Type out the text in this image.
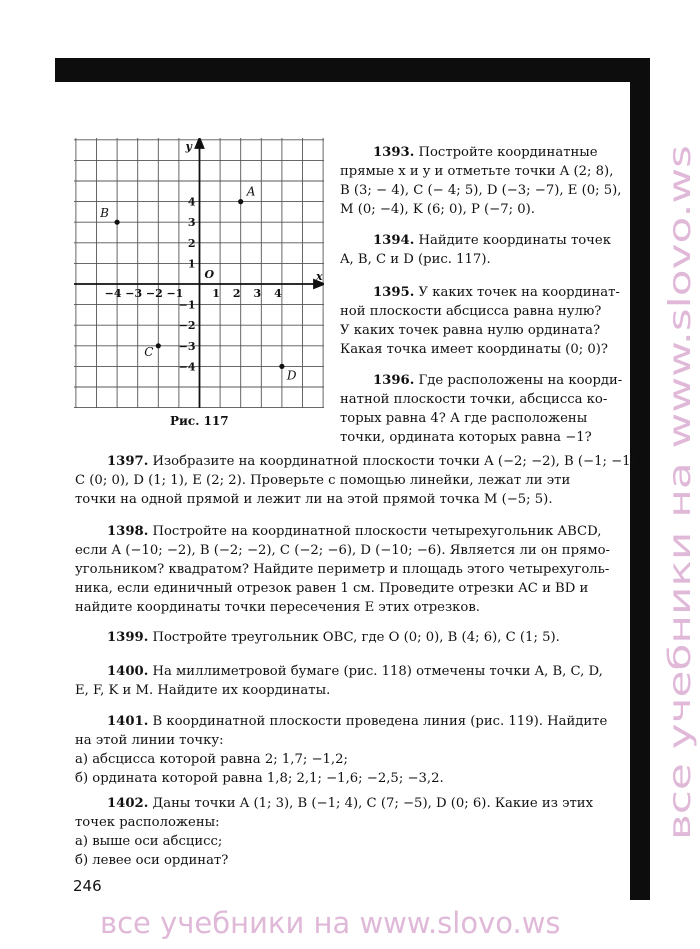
−4 −3 −2 −1	1 2 3 4
4
3
2
1
−1
−2
−3
−4
x
y
O
A
B
C
D
Рис. 117
1393. Постройте координатные
прямые x и y и отметьте точки A (2; 8),
B (3; − 4), C (− 4; 5), D (−3; −7), E (0; 5),
M (0; −4), K (6; 0), P (−7; 0).
1394. Найдите координаты точек
A, B, C и D (рис. 117).
1395. У каких точек на координат-
ной плоскости абсцисса равна нулю?
У каких точек равна нулю ордината?
Какая точка имеет координаты (0; 0)?
1396. Где расположены на коорди-
натной плоскости точки, абсцисса ко-
торых равна 4? А где расположены
точки, ордината которых равна −1?
1397. Изобразите на координатной плоскости точки A (−2; −2), B (−1; −1),
C (0; 0), D (1; 1), E (2; 2). Проверьте с помощью линейки, лежат ли эти
точки на одной прямой и лежит ли на этой прямой точка M (−5; 5).
1398. Постройте на координатной плоскости четырехугольник ABCD,
если A (−10; −2), B (−2; −2), C (−2; −6), D (−10; −6). Является ли он прямо-
угольником? квадратом? Найдите периметр и площадь этого четырехуголь-
ника, если единичный отрезок равен 1 см. Проведите отрезки AC и BD и
найдите координаты точки пересечения E этих отрезков.
1399. Постройте треугольник OBC, где O (0; 0), B (4; 6), C (1; 5).
1400. На миллиметровой бумаге (рис. 118) отмечены точки A, B, C, D,
E, F, K и M. Найдите их координаты.
1401. В координатной плоскости проведена линия (рис. 119). Найдите
на этой линии точку:
а) абсцисса которой равна 2; 1,7; −1,2;
б) ордината которой равна 1,8; 2,1; −1,6; −2,5; −3,2.
1402. Даны точки A (1; 3), B (−1; 4), C (7; −5), D (0; 6). Какие из этих
точек расположены:
а) выше оси абсцисс;
б) левее оси ординат?
246
все учебники на www.slovo.ws
все учебники на www.slovo.ws
